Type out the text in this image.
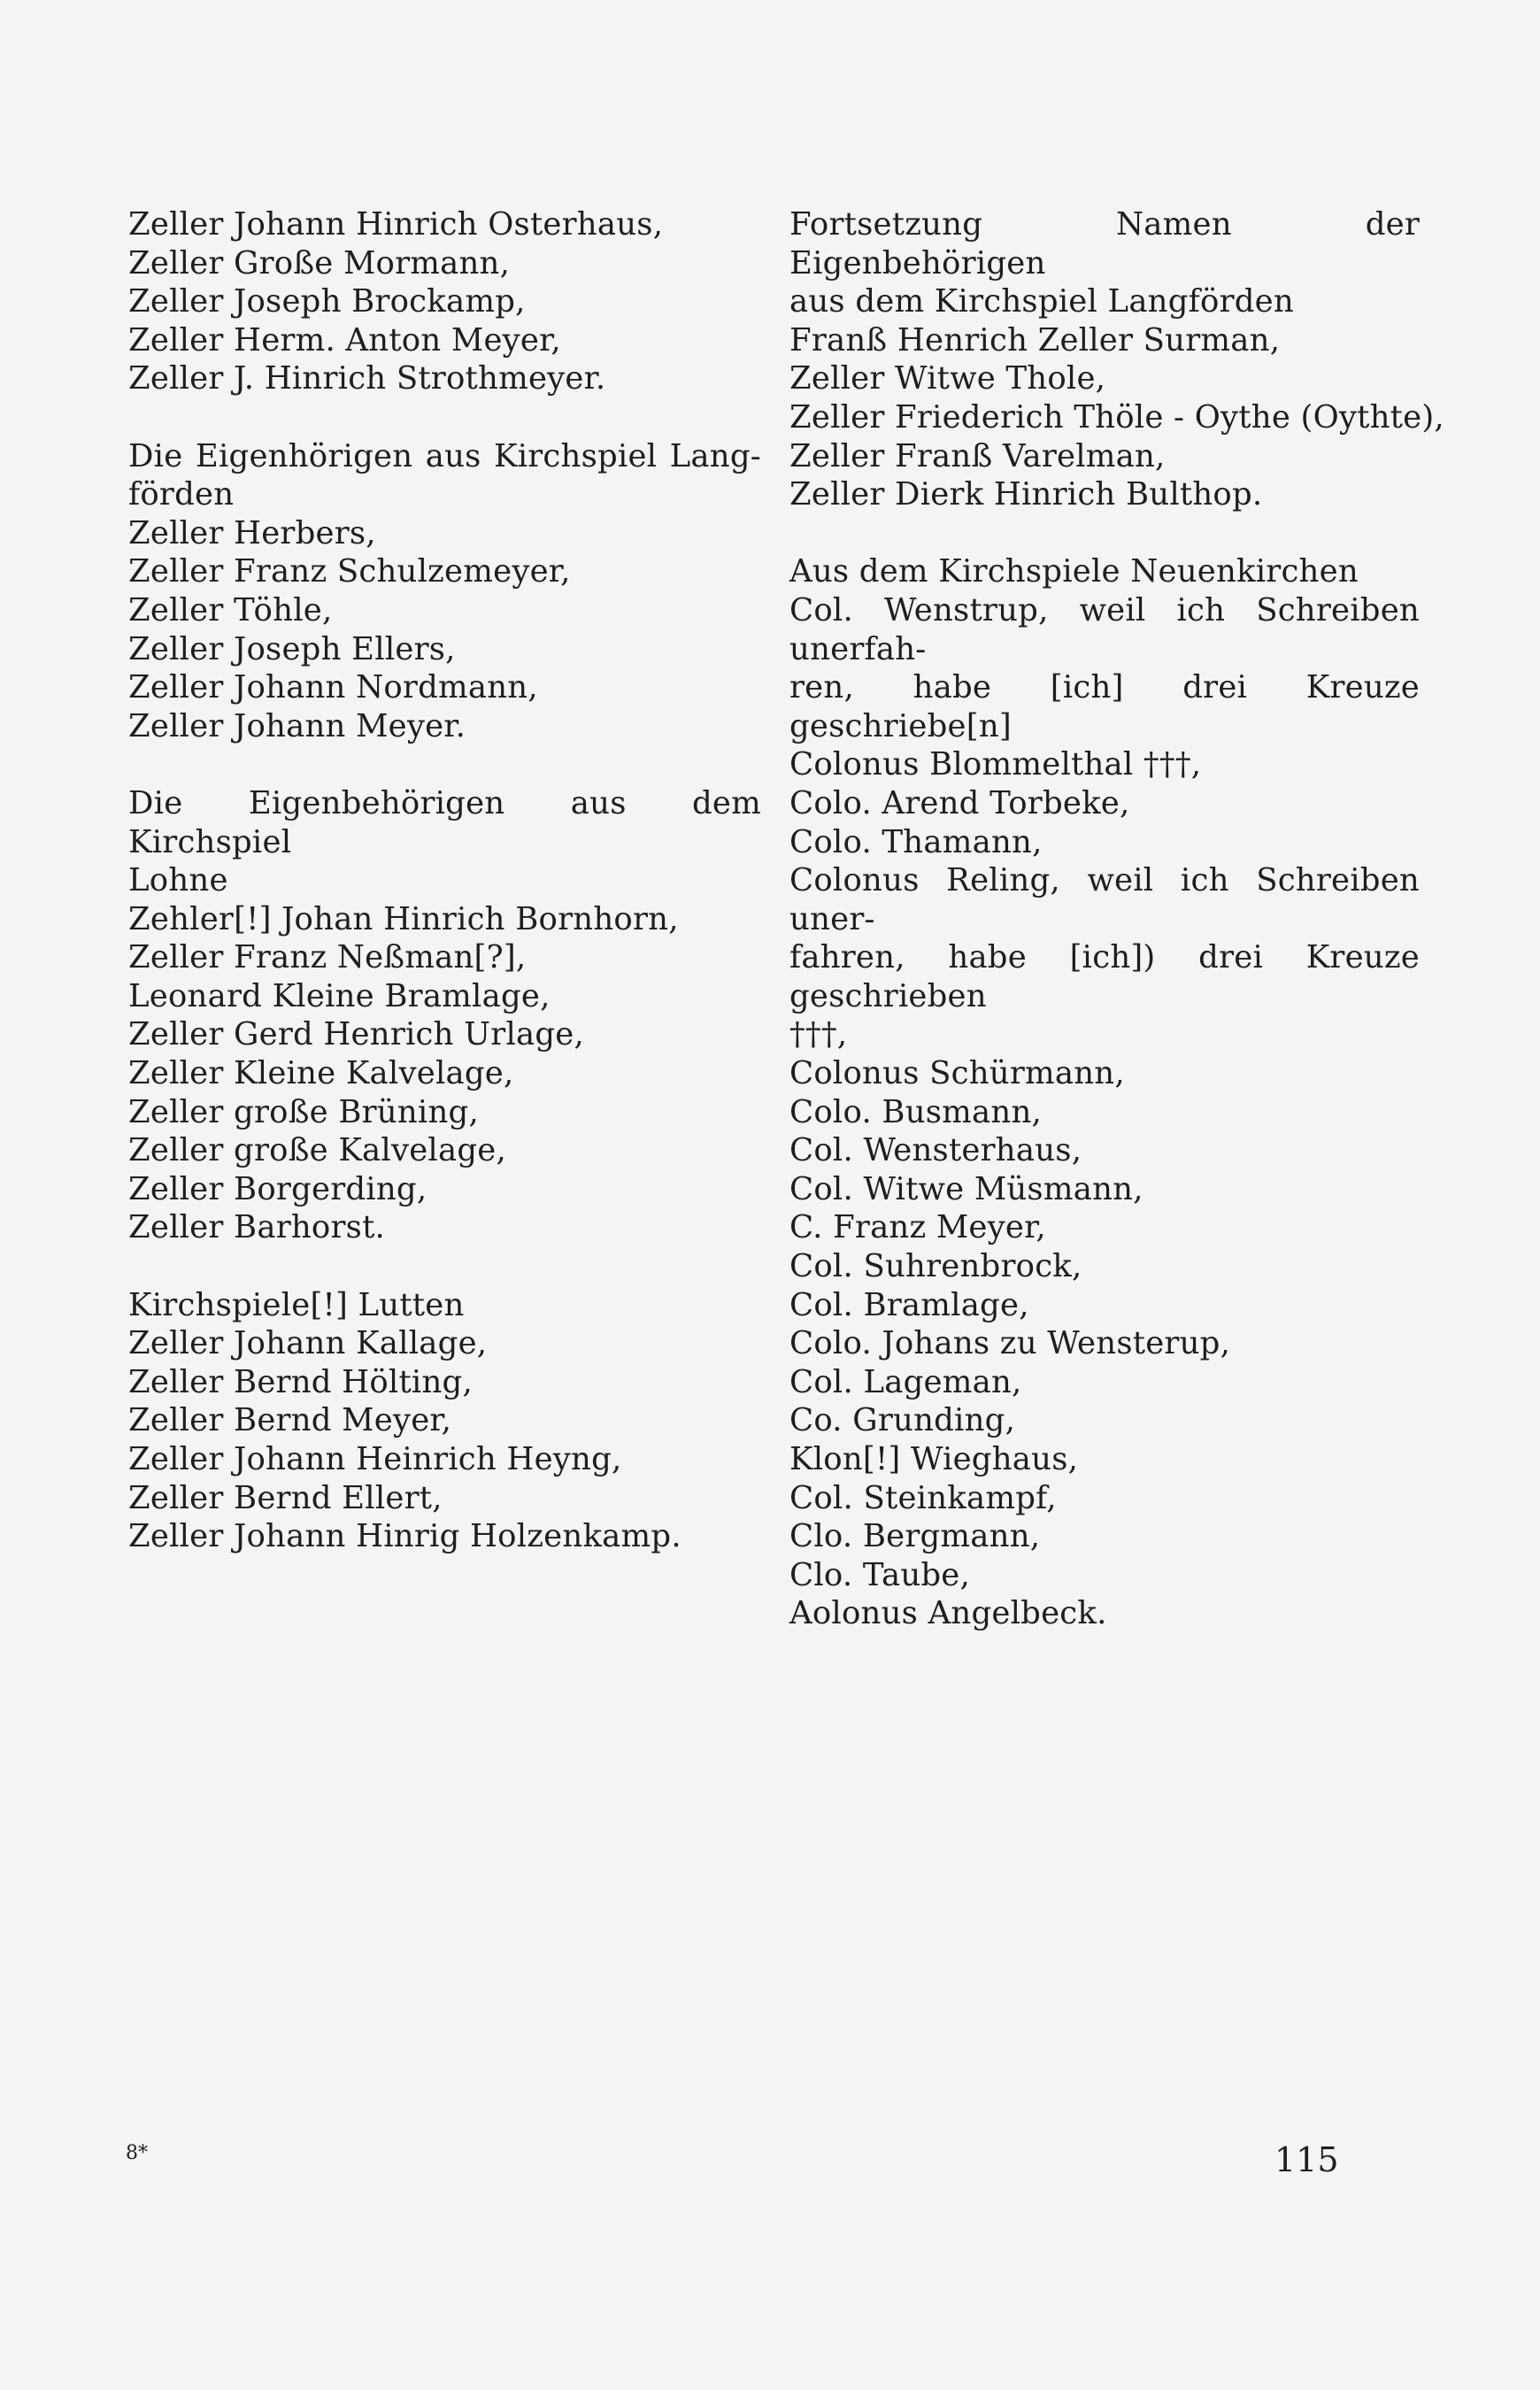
Zeller Johann Hinrich Osterhaus,
Zeller Große Mormann,
Zeller Joseph Brockamp,
Zeller Herm. Anton Meyer,
Zeller J. Hinrich Strothmeyer.
Die Eigenhörigen aus Kirchspiel Lang-
förden
Zeller Herbers,
Zeller Franz Schulzemeyer,
Zeller Töhle,
Zeller Joseph Ellers,
Zeller Johann Nordmann,
Zeller Johann Meyer.
Die Eigenbehörigen aus dem Kirchspiel
Lohne
Zehler[!] Johan Hinrich Bornhorn,
Zeller Franz Neßman[?],
Leonard Kleine Bramlage,
Zeller Gerd Henrich Urlage,
Zeller Kleine Kalvelage,
Zeller große Brüning,
Zeller große Kalvelage,
Zeller Borgerding,
Zeller Barhorst.
Kirchspiele[!] Lutten
Zeller Johann Kallage,
Zeller Bernd Hölting,
Zeller Bernd Meyer,
Zeller Johann Heinrich Heyng,
Zeller Bernd Ellert,
Zeller Johann Hinrig Holzenkamp.
Fortsetzung Namen der Eigenbehörigen
aus dem Kirchspiel Langförden
Franß Henrich Zeller Surman,
Zeller Witwe Thole,
Zeller Friederich Thöle - Oythe (Oythte),
Zeller Franß Varelman,
Zeller Dierk Hinrich Bulthop.
Aus dem Kirchspiele Neuenkirchen
Col. Wenstrup, weil ich Schreiben unerfah-
ren, habe [ich] drei Kreuze geschriebe[n]
Colonus Blommelthal †††,
Colo. Arend Torbeke,
Colo. Thamann,
Colonus Reling, weil ich Schreiben uner-
fahren, habe [ich]) drei Kreuze geschrieben
†††,
Colonus Schürmann,
Colo. Busmann,
Col. Wensterhaus,
Col. Witwe Müsmann,
C. Franz Meyer,
Col. Suhrenbrock,
Col. Bramlage,
Colo. Johans zu Wensterup,
Col. Lageman,
Co. Grunding,
Klon[!] Wieghaus,
Col. Steinkampf,
Clo. Bergmann,
Clo. Taube,
Aolonus Angelbeck.
8*	115
